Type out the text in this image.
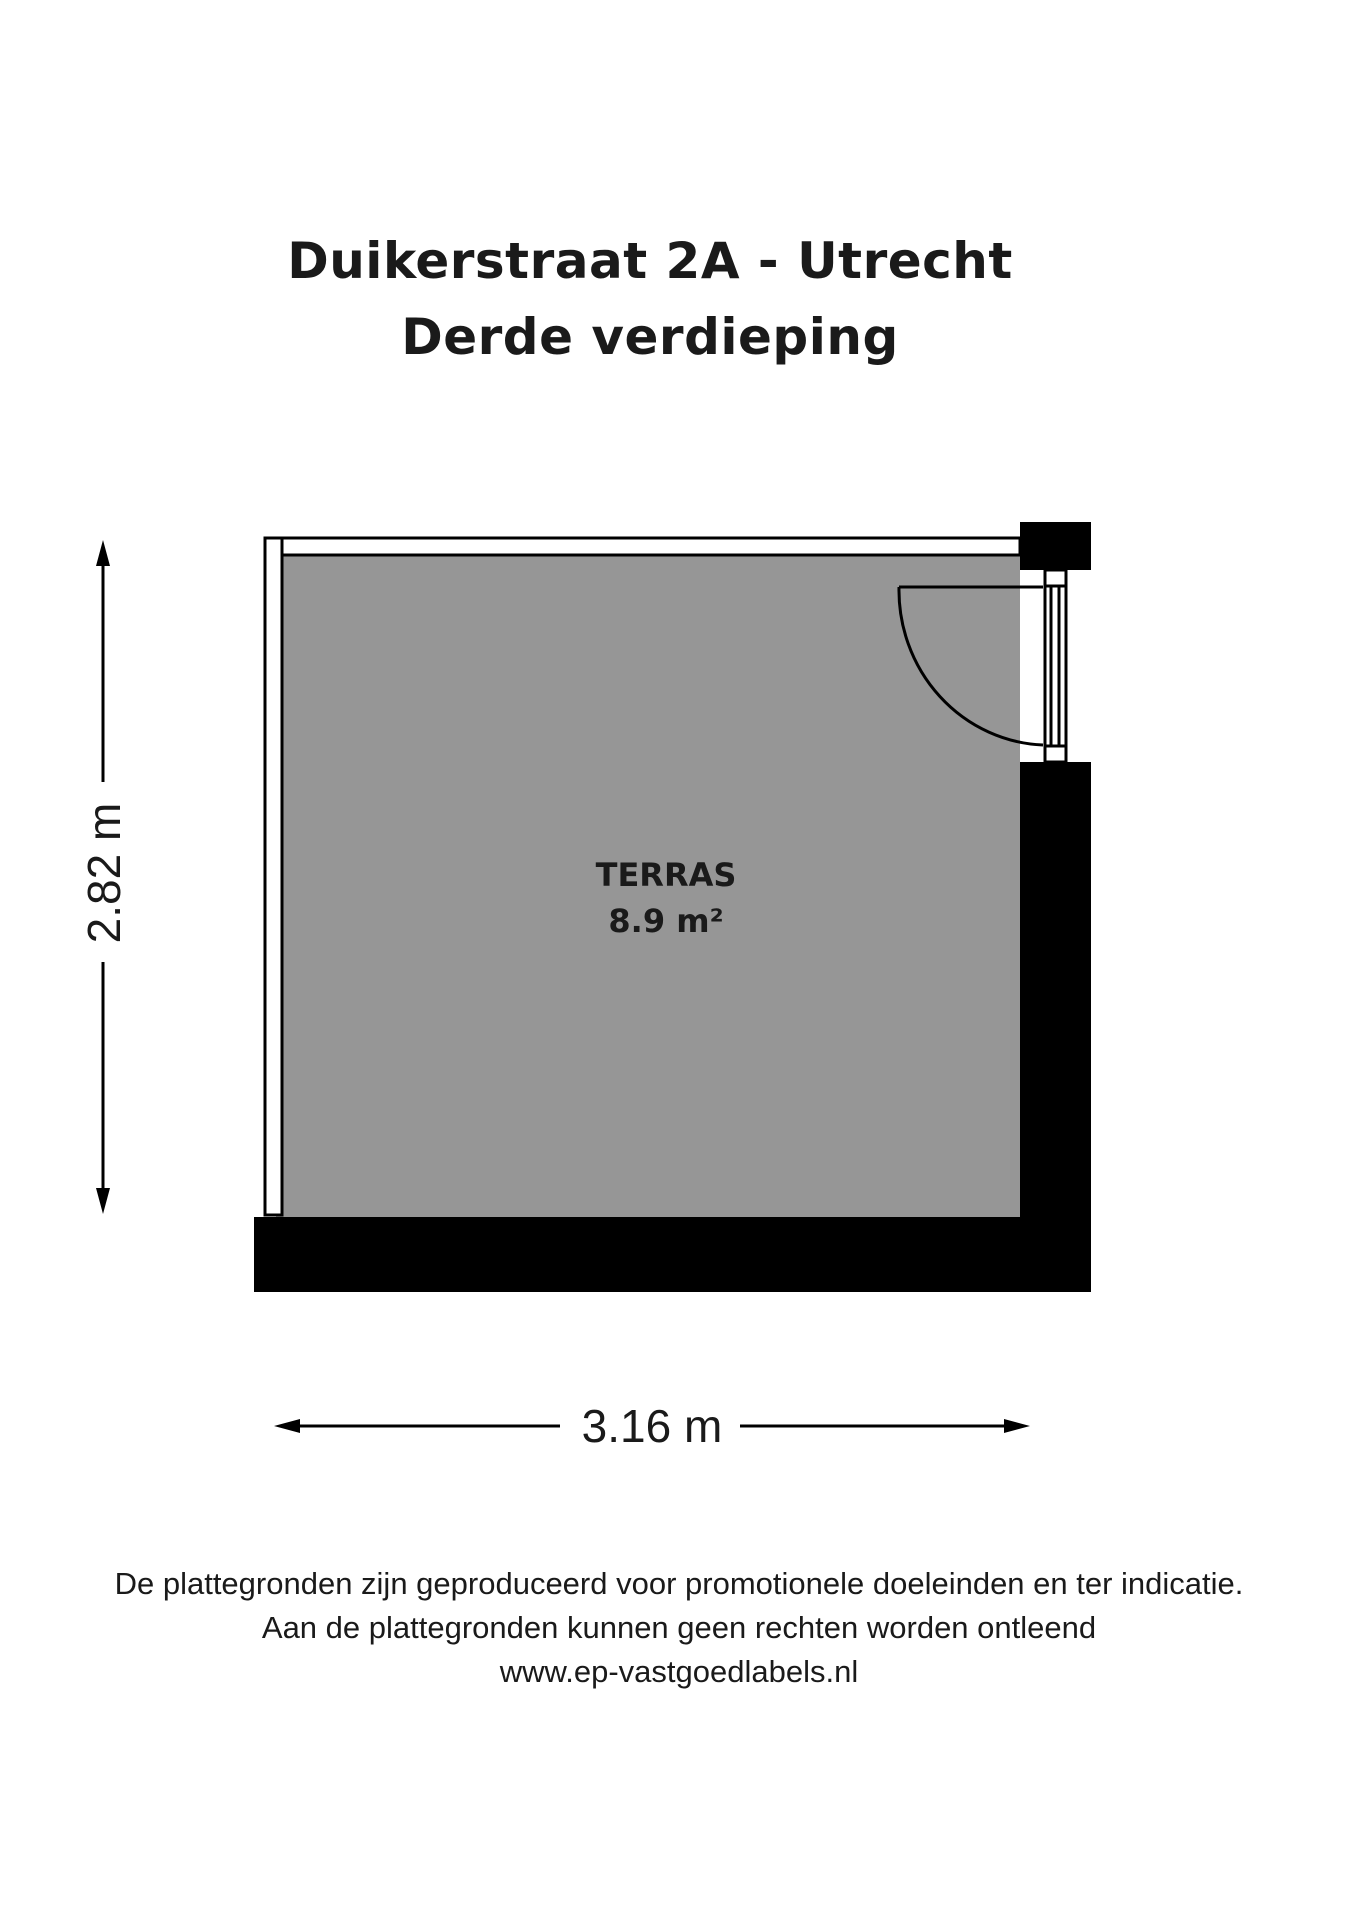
Duikerstraat 2A - Utrecht
Derde verdieping
TERRAS
8.9 m²
2.82 m
3.16 m
De plattegronden zijn geproduceerd voor promotionele doeleinden en ter indicatie.
Aan de plattegronden kunnen geen rechten worden ontleend
www.ep-vastgoedlabels.nl
